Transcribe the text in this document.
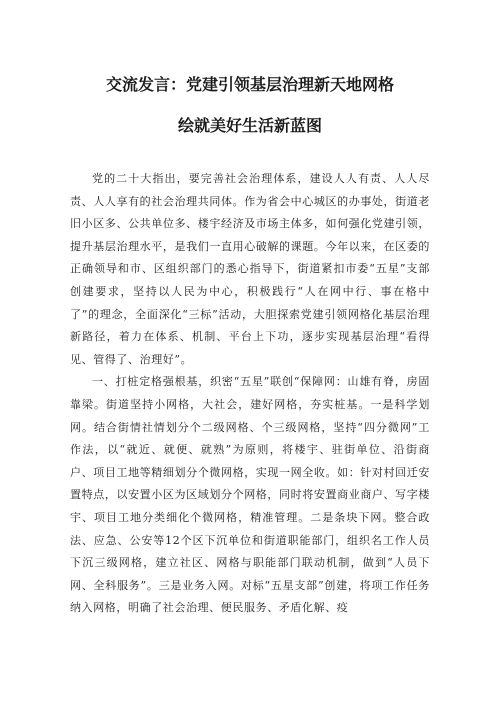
交流发言：党建引领基层治理新天地网格
绘就美好生活新蓝图

党的二十大指出，要完善社会治理体系，建设人人有责、人人尽责、人人享有的社会治理共同体。作为省会中心城区的办事处，街道老旧小区多、公共单位多、楼宇经济及市场主体多，如何强化党建引领，提升基层治理水平，是我们一直用心破解的课题。今年以来，在区委的正确领导和市、区组织部门的悉心指导下，街道紧扣市委“五星”支部创建要求，坚持以人民为中心，积极践行“人在网中行、事在格中了”的理念，全面深化“三标”活动，大胆探索党建引领网格化基层治理新路径，着力在体系、机制、平台上下功，逐步实现基层治理“看得见、管得了、治理好”。

一、打桩定格强根基，织密“五星”联创“保障网：山雄有脊，房固靠梁。街道坚持小网格，大社会，建好网格，夯实桩基。一是科学划网。结合街情社情划分个二级网格、个三级网格，坚持“四分微网”工作法，以“就近、就便、就熟”为原则，将楼宇、驻街单位、沿街商户、项目工地等精细划分个微网格，实现一网全收。如：针对村回迁安置特点，以安置小区为区域划分个网格，同时将安置商业商户、写字楼宇、项目工地分类细化个微网格，精准管理。二是条块下网。整合政法、应急、公安等12个区下沉单位和街道职能部门，组织名工作人员下沉三级网格，建立社区、网格与职能部门联动机制，做到“人员下网、全科服务”。三是业务入网。对标“五星支部”创建，将项工作任务纳入网格，明确了社会治理、便民服务、矛盾化解、疫
